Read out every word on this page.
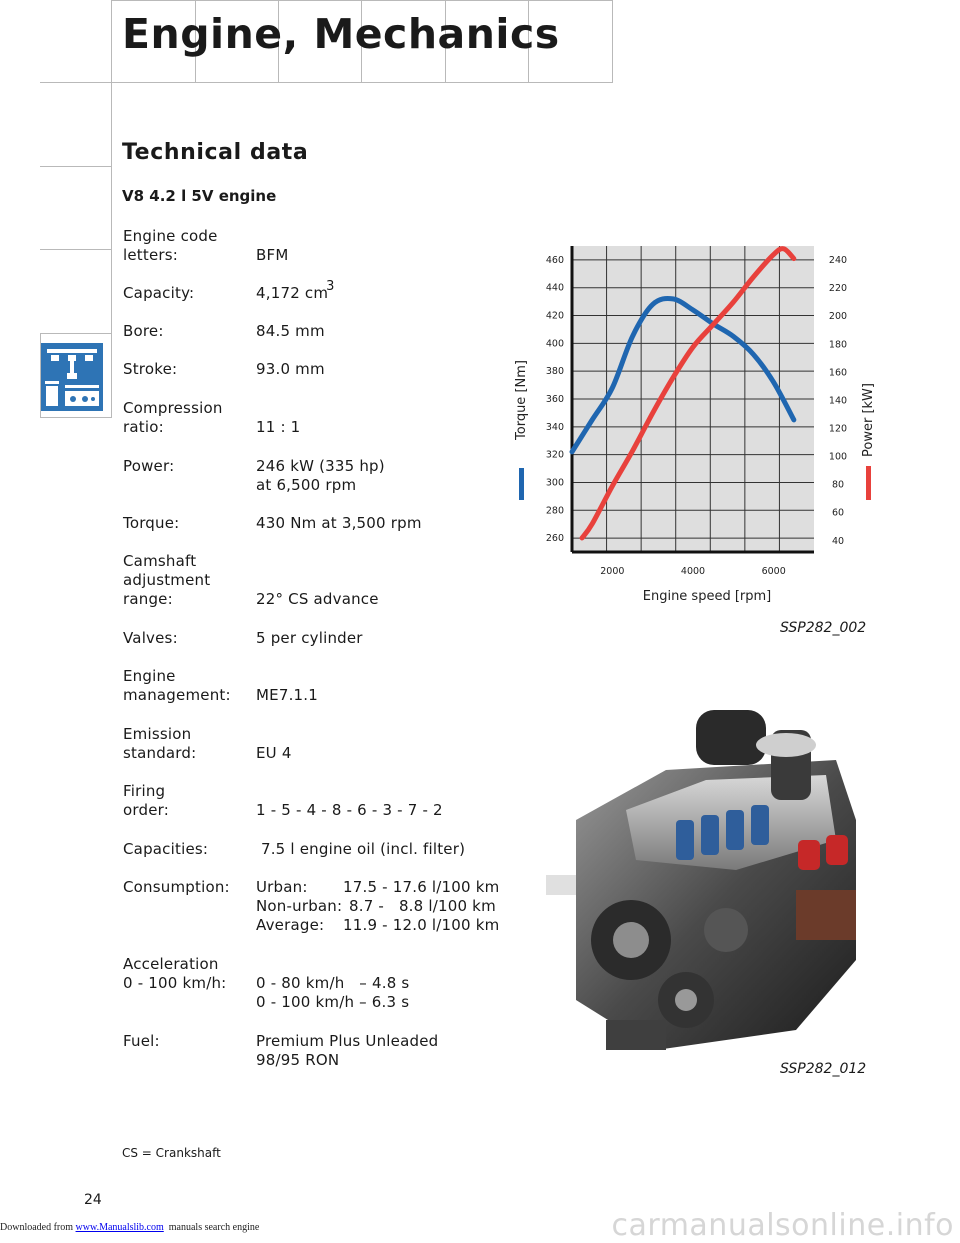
Engine, Mechanics
Technical data
V8 4.2 l 5V engine
Engine code
letters:	BFM
Capacity:	4,172 cm3
Bore:	84.5 mm
Stroke:	93.0 mm
Compression
ratio:	11 : 1
Power:	246 kW (335 hp)
at 6,500 rpm
Torque:	430 Nm at 3,500 rpm
Camshaft
adjustment
range:	22° CS advance
Valves:	5 per cylinder
Engine
management: ME7.1.1
Emission
standard:	EU 4
Firing
order:	1 - 5 - 4 - 8 - 6 - 3 - 7 - 2
Capacities:	7.5 l engine oil (incl. filter)
Consumption: Urban: 17.5 - 17.6 l/100 km
Non-urban: 8.7 -   8.8 l/100 km
Average: 11.9 - 12.0 l/100 km
Acceleration
0 - 100 km/h: 0 - 80 km/h   – 4.8 s
0 - 100 km/h – 6.3 s
Fuel:	Premium Plus Unleaded
98/95 RON
CS = Crankshaft
24
260
280
300
320
340
360
380
400
420
440
460
40
60
80
100
120
140
160
180
200
220
240
2000	4000	6000
Engine speed [rpm]
Torque [Nm]	Power [kW]
SSP282_002
SSP282_012
Downloaded from www.Manualslib.com  manuals search engine	carmanualsonline.info
